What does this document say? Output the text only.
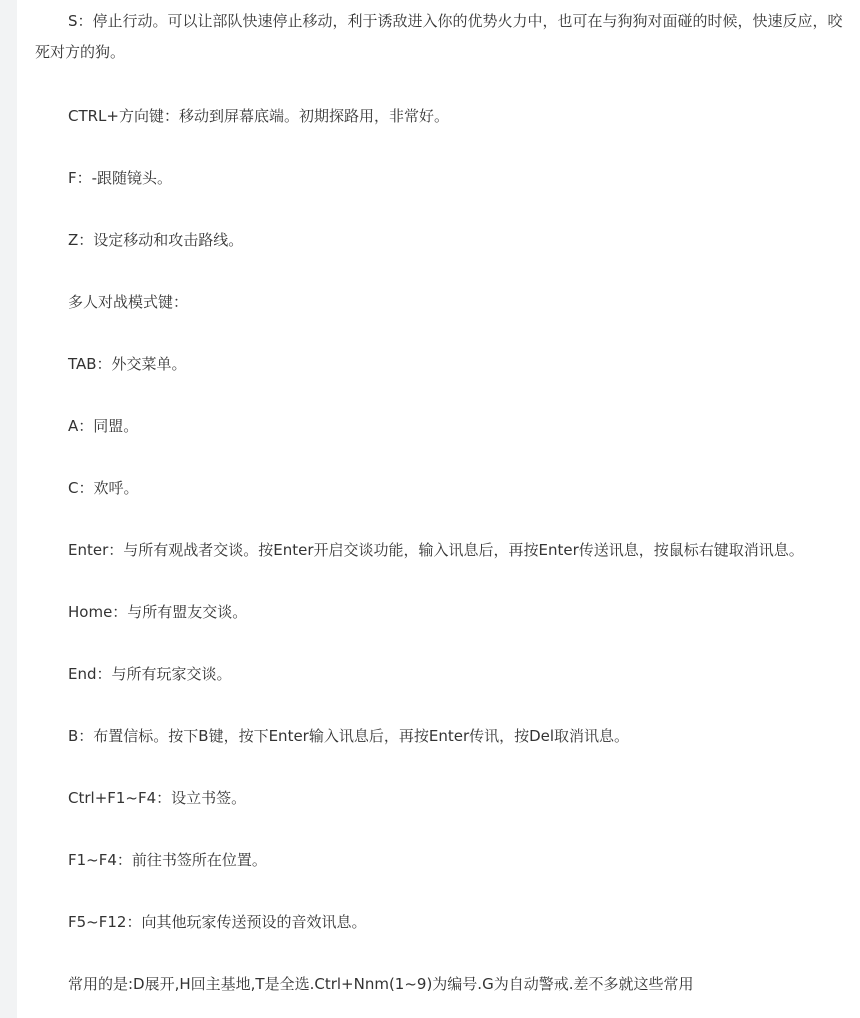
S：停止行动。可以让部队快速停止移动，利于诱敌进入你的优势火力中，也可在与狗狗对面碰的时候，快速反应，咬死对方的狗。

CTRL+方向键：移动到屏幕底端。初期探路用，非常好。

F：-跟随镜头。

Z：设定移动和攻击路线。

多人对战模式键：

TAB：外交菜单。

A：同盟。

C：欢呼。

Enter：与所有观战者交谈。按Enter开启交谈功能，输入讯息后，再按Enter传送讯息，按鼠标右键取消讯息。

Home：与所有盟友交谈。

End：与所有玩家交谈。

B：布置信标。按下B键，按下Enter输入讯息后，再按Enter传讯，按Del取消讯息。

Ctrl+F1~F4：设立书签。

F1~F4：前往书签所在位置。

F5~F12：向其他玩家传送预设的音效讯息。

常用的是:D展开,H回主基地,T是全选.Ctrl+Nnm(1~9)为编号.G为自动警戒.差不多就这些常用
